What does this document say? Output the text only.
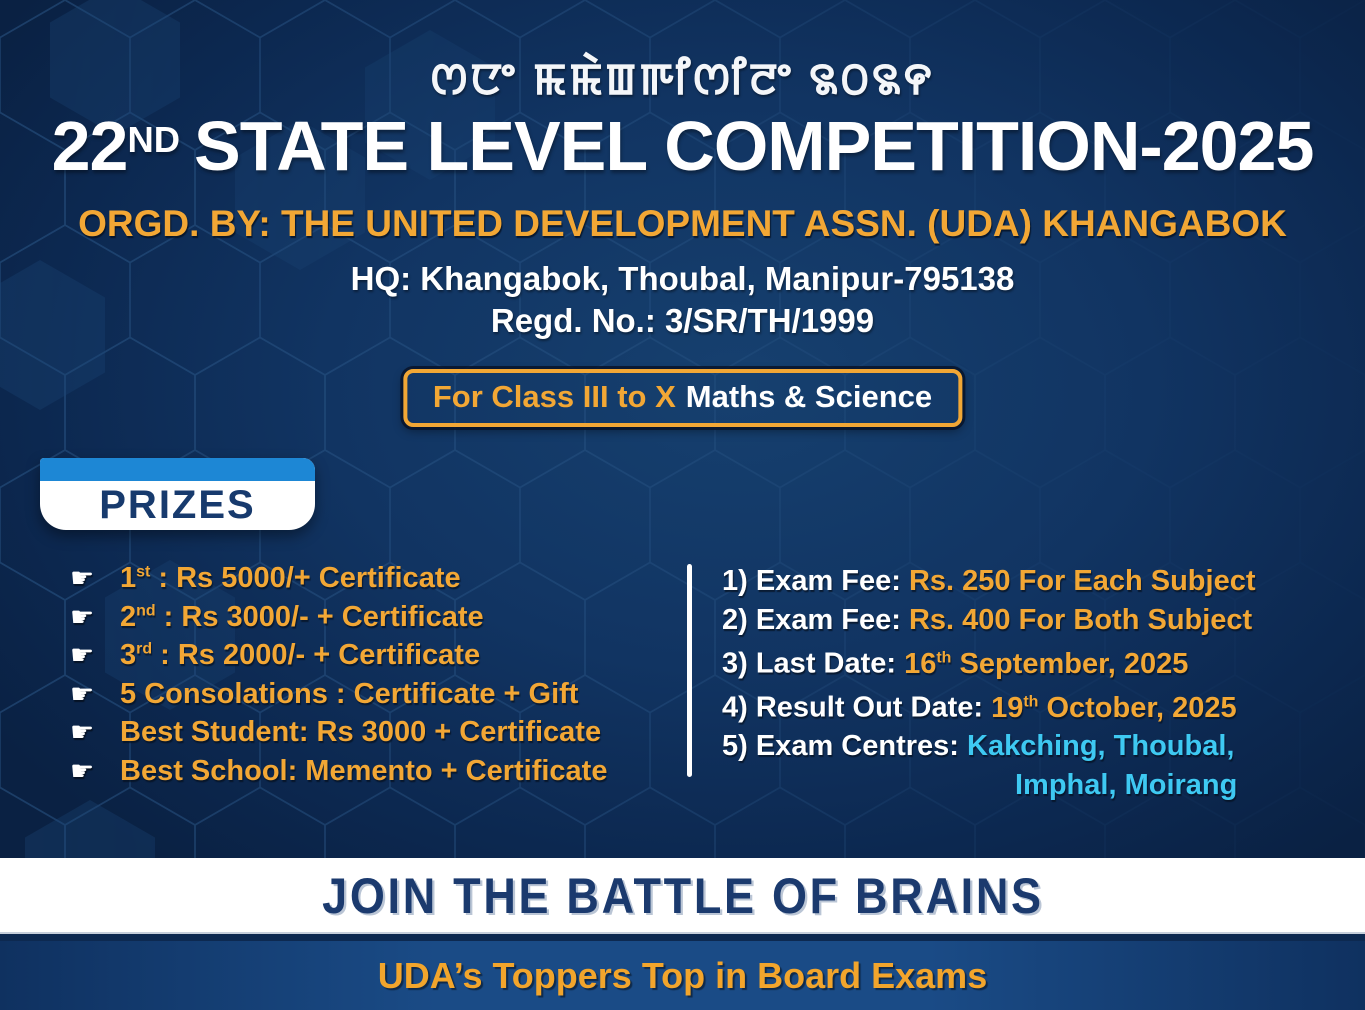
ꯁꯅꯦ ꯃꯃꯥꯡꯒꯤꯁꯤꯂꯦ ꯲꯰꯲꯵
22ND STATE LEVEL COMPETITION-2025
ORGD. BY: THE UNITED DEVELOPMENT ASSN. (UDA) KHANGABOK
HQ: Khangabok, Thoubal, Manipur-795138
Regd. No.: 3/SR/TH/1999
For Class III to X Maths & Science
PRIZES
☛ 1st : Rs 5000/+ Certificate
☛ 2nd : Rs 3000/- + Certificate
☛ 3rd : Rs 2000/- + Certificate
☛ 5 Consolations : Certificate + Gift
☛ Best Student: Rs 3000 + Certificate
☛ Best School: Memento + Certificate
1) Exam Fee: Rs. 250 For Each Subject
2) Exam Fee: Rs. 400 For Both Subject
3) Last Date: 16th September, 2025
4) Result Out Date: 19th October, 2025
5) Exam Centres: Kakching, Thoubal,
Imphal, Moirang
JOIN THE BATTLE OF BRAINS
UDA’s Toppers Top in Board Exams
